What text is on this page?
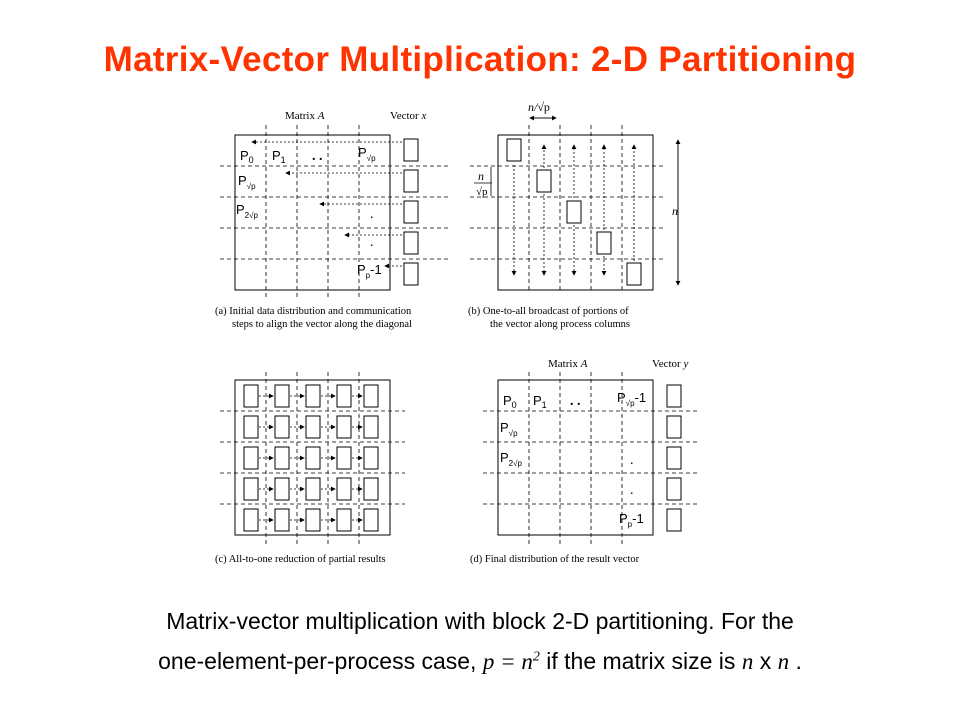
Matrix-Vector Multiplication: 2-D Partitioning
Matrix A	Vector x
$P_0$ $P_1$ . .	$P_{√p}$
$P_{√p}$
$P_{2√p}$	.
.
$P_p-1$
(a) Initial data distribution and communication steps to align the vector along the diagonal
n/√p
n
√p
n
(b) One-to-all broadcast of portions of the vector along process columns
(c) All-to-one reduction of partial results
Matrix A	Vector y
$P_0$ $P_1$ . .	$P_{√p}-1$
$P_{√p}$
$P_{2√p}$	.
.
$P_p-1$
(d) Final distribution of the result vector
Matrix-vector multiplication with block 2-D partitioning. For the
one-element-per-process case, $p = n^2$ if the matrix size is n x n .
